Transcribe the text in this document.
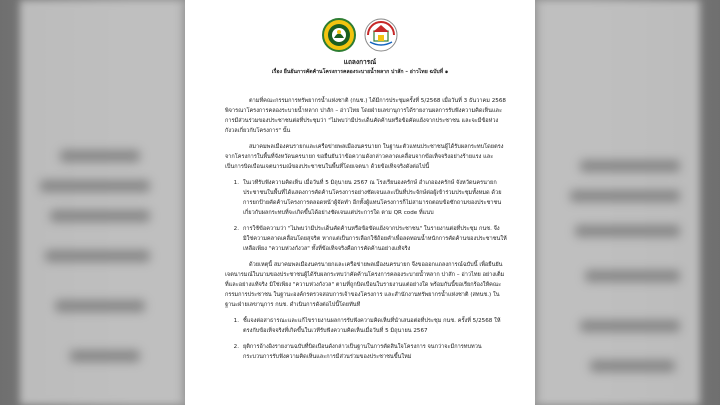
แถลงการณ์
เรื่อง ยืนยันการคัดค้านโครงการคลองระบายน้ำหลาก ปาสัก – อ่าวไทย ฉบับที่ ๑

ตามที่คณะกรรมการทรัพยากรน้ำแห่งชาติ (กนช.) ได้มีการประชุมครั้งที่ 5/2568 เมื่อวันที่ 3 ธันวาคม 2568 พิจารณาโครงการคลองระบายน้ำหลาก ปาสัก – อ่าวไทย โดยฝ่ายเลขานุการได้รายงานผลการรับฟังความคิดเห็นและการมีส่วนร่วมของประชาชนต่อที่ประชุมว่า "ไม่พบว่ามีประเด็นคัดค้านหรือข้อคัดแย้งจากประชาชน และจะมีข้อห่วงกังวลเกี่ยวกับโครงการ" นั้น

สมาคมพลเมืองคนรายกและเครือข่ายพลเมืองนครนายก ในฐานะตัวแทนประชาชนผู้ได้รับผลกระทบโดยตรงจากโครงการในพื้นที่จังหวัดนครนายก ขอยืนยันว่าข้อความดังกล่าวคลาดเคลื่อนจากข้อเท็จจริงอย่างร้ายแรง และเป็นการบิดเบือนเจตนารมณ์ของประชาชนในพื้นที่โดยเจตนา ด้วยข้อเท็จจริงดังต่อไปนี้

1. ในเวทีรับฟังความคิดเห็น เมื่อวันที่ 5 มิถุนายน 2567 ณ โรงเรียนองครักษ์ อำเภอองครักษ์ จังหวัดนครนายก ประชาชนในพื้นที่ได้แสดงการคัดค้านโครงการอย่างชัดเจนและเป็นที่ประจักษ์ต่อผู้เข้าร่วมประชุมทั้งหมด ด้วยการยกป้ายคัดค้านโครงการตลอดหน้าผู้จัดทำ อีกทั้งผู้แทนโครงการก็ไม่สามารถตอบข้อซักถามของประชาชนเกี่ยวกับผลกระทบที่จะเกิดขึ้นได้อย่างชัดเจนแต่ประการใด ตาม QR code ที่แนบ
2. การใช้ข้อความว่า "ไม่พบว่ามีประเด็นคัดค้านหรือข้อขัดแย้งจากประชาชน" ในรายงานต่อที่ประชุม กนช. จึงมิใช่ความคลาดเคลื่อนโดยสุจริต หากแต่เป็นการเลือกใช้ถ้อยคำเพื่อลดทอนน้ำหนักการคัดค้านของประชาชนให้เหลือเพียง "ความห่วงกังวล" ทั้งที่ข้อเท็จจริงคือการคัดค้านอย่างแท้จริง

ด้วยเหตุนี้ สมาคมพลเมืองนครนายกและเครือข่ายพลเมืองนครนายก จึงขอออกแถลงการณ์ฉบับนี้ เพื่อยืนยันเจตนารมณ์ในนามของประชาชนผู้ได้รับผลกระทบว่าคัดค้านโครงการคลองระบายน้ำหลาก ปาสัก – อ่าวไทย อย่างเต็มที่และอย่างแท้จริง มิใช่เพียง "ความห่วงกังวล" ตามที่ถูกบิดเบือนในรายงานแต่อย่างใด พร้อมกันนี้ขอเรียกร้องให้คณะกรรมการประชาชน ในฐานะองค์กรตรวจสอบการเจ้าของโครงการ และสำนักงานทรัพยากรน้ำแห่งชาติ (สทนช.) ในฐานะฝ่ายเลขานุการ กนช. ดำเนินการดังต่อไปนี้โดยทันที

1. ชี้แจงต่อสาธารณะและแก้ไขรายงานผลการรับฟังความคิดเห็นที่นำเสนอต่อที่ประชุม กนช. ครั้งที่ 5/2568 ให้ตรงกับข้อเท็จจริงที่เกิดขึ้นในเวทีรับฟังความคิดเห็นเมื่อวันที่ 5 มิถุนายน 2567
2. ยุติการอ้างอิงรายงานฉบับที่บิดเบือนดังกล่าวเป็นฐานในการตัดสินใจโครงการ จนกว่าจะมีการทบทวนกระบวนการรับฟังความคิดเห็นและการมีส่วนร่วมของประชาชนขึ้นใหม่
